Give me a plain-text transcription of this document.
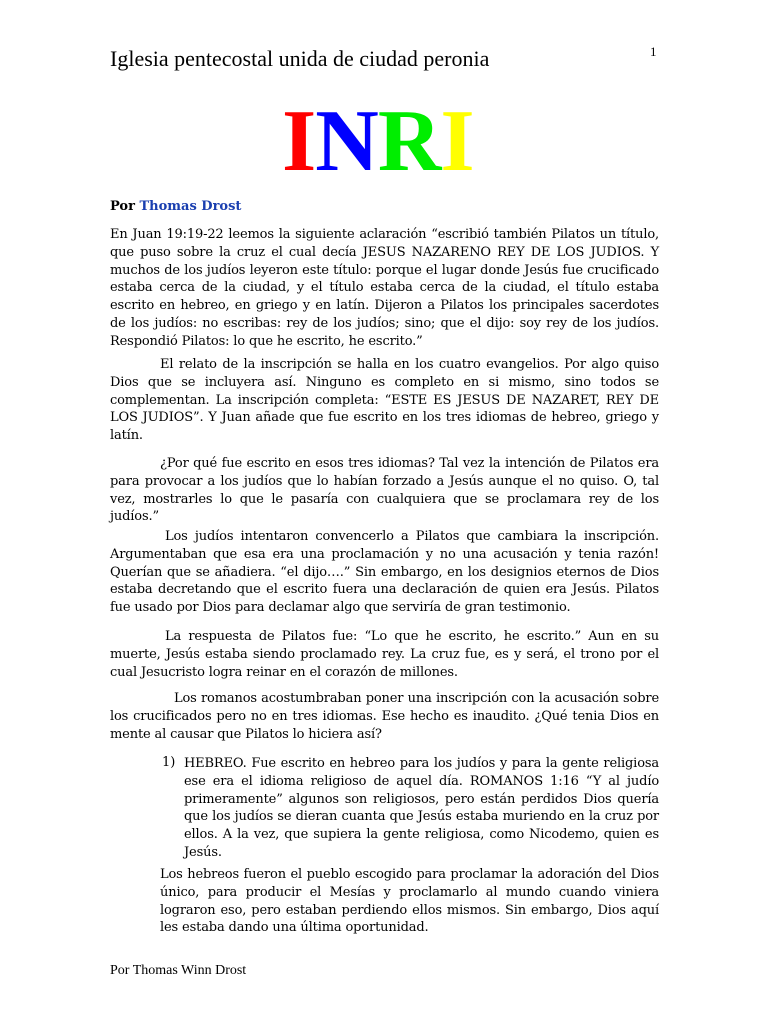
Iglesia pentecostal unida de ciudad peronia	1
INRI
Por Thomas Drost
En Juan 19:19-22 leemos la siguiente aclaración “escribió también Pilatos un título, que puso sobre la cruz el cual decía JESUS NAZARENO REY DE LOS JUDIOS. Y muchos de los judíos leyeron este título: porque el lugar donde Jesús fue crucificado estaba cerca de la ciudad, y el título estaba cerca de la ciudad, el título estaba escrito en hebreo, en griego y en latín. Dijeron a Pilatos los principales sacerdotes de los judíos: no escribas: rey de los judíos; sino; que el dijo: soy rey de los judíos. Respondió Pilatos: lo que he escrito, he escrito.”
El relato de la inscripción se halla en los cuatro evangelios. Por algo quiso Dios que se incluyera así. Ninguno es completo en si mismo, sino todos se complementan. La inscripción completa: “ESTE ES JESUS DE NAZARET, REY DE LOS JUDIOS”. Y Juan añade que fue escrito en los tres idiomas de hebreo, griego y latín.
¿Por qué fue escrito en esos tres idiomas? Tal vez la intención de Pilatos era para provocar a los judíos que lo habían forzado a Jesús aunque el no quiso. O, tal vez, mostrarles lo que le pasaría con cualquiera que se proclamara rey de los judíos.”
Los judíos intentaron convencerlo a Pilatos que cambiara la inscripción. Argumentaban que esa era una proclamación y no una acusación y tenia razón! Querían que se añadiera. “el dijo….” Sin embargo, en los designios eternos de Dios estaba decretando que el escrito fuera una declaración de quien era Jesús. Pilatos fue usado por Dios para declamar algo que serviría de gran testimonio.
La respuesta de Pilatos fue: “Lo que he escrito, he escrito.” Aun en su muerte, Jesús estaba siendo proclamado rey. La cruz fue, es y será, el trono por el cual Jesucristo logra reinar en el corazón de millones.
Los romanos acostumbraban poner una inscripción con la acusación sobre los crucificados pero no en tres idiomas. Ese hecho es inaudito. ¿Qué tenia Dios en mente al causar que Pilatos lo hiciera así?
1) HEBREO. Fue escrito en hebreo para los judíos y para la gente religiosa ese era el idioma religioso de aquel día. ROMANOS 1:16 “Y al judío primeramente” algunos son religiosos, pero están perdidos Dios quería que los judíos se dieran cuanta que Jesús estaba muriendo en la cruz por ellos. A la vez, que supiera la gente religiosa, como Nicodemo, quien es Jesús.
Los hebreos fueron el pueblo escogido para proclamar la adoración del Dios único, para producir el Mesías y proclamarlo al mundo cuando viniera lograron eso, pero estaban perdiendo ellos mismos. Sin embargo, Dios aquí les estaba dando una última oportunidad.
Por Thomas Winn Drost
